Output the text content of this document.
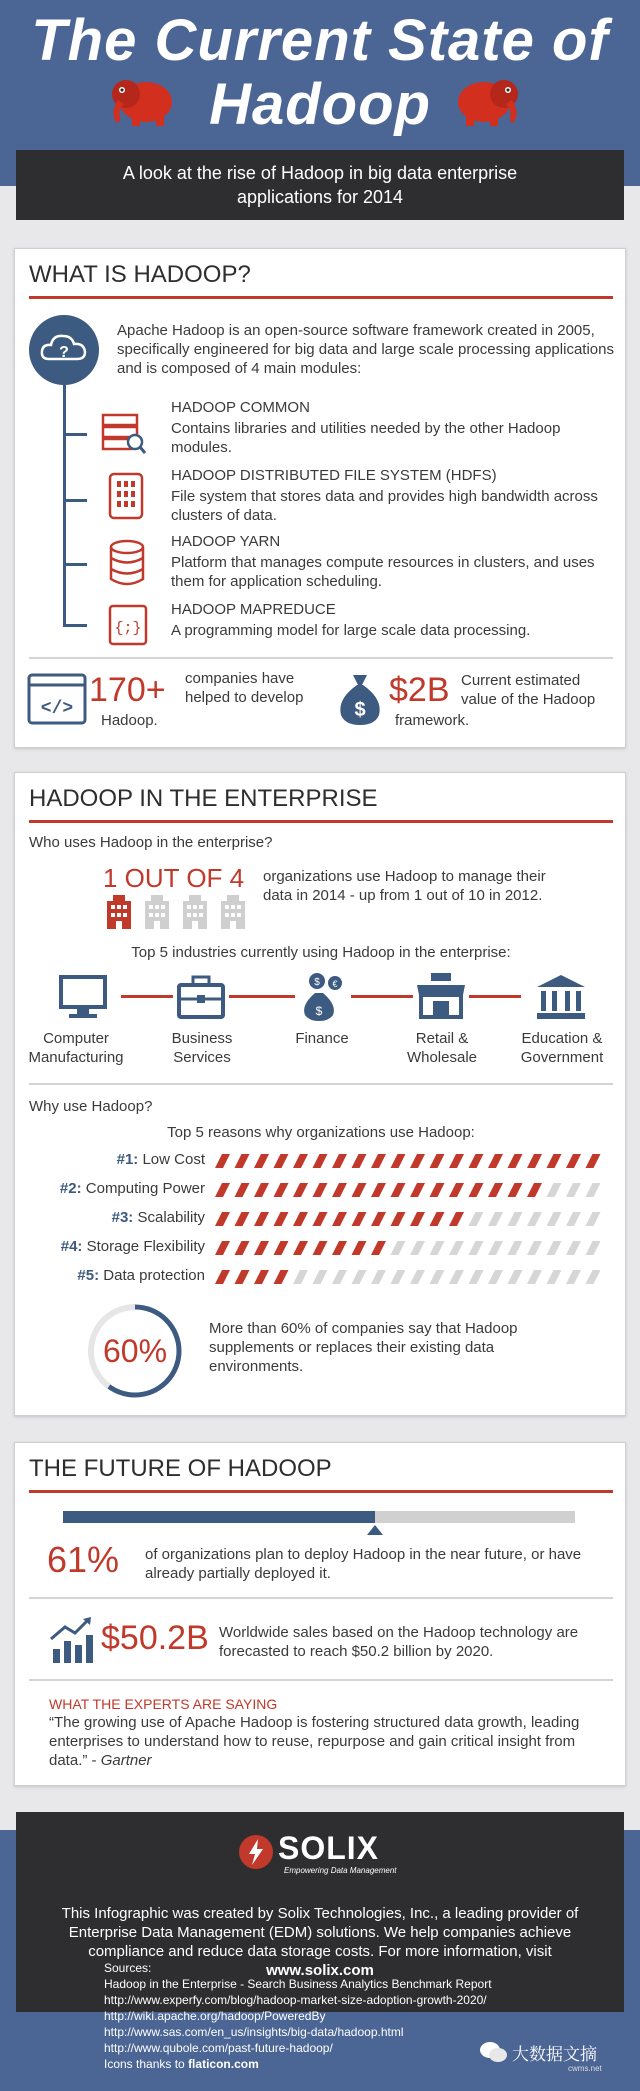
The Current State of
Hadoop
A look at the rise of Hadoop in big data enterprise
applications for 2014
WHAT IS HADOOP?
?
Apache Hadoop is an open-source software framework created in 2005, specifically engineered for big data and large scale processing applications and is composed of 4 main modules:
{;}
HADOOP COMMON
Contains libraries and utilities needed by the other Hadoop modules.
HADOOP DISTRIBUTED FILE SYSTEM (HDFS)
File system that stores data and provides high bandwidth across clusters of data.
HADOOP YARN
Platform that manages compute resources in clusters, and uses them for application scheduling.
HADOOP MAPREDUCE
A programming model for large scale data processing.
</> 170+ companies have
helped to develop
Hadoop.	$
$2B Current estimated
value of the Hadoop
framework.
HADOOP IN THE ENTERPRISE
Who uses Hadoop in the enterprise?
1 OUT OF 4 organizations use Hadoop to manage their data in 2014 - up from 1 out of 10 in 2012.
Top 5 industries currently using Hadoop in the enterprise:
$ €
$
Computer
Manufacturing
Business
Services
Finance	Retail &
Wholesale
Education &
Government
Why use Hadoop?
Top 5 reasons why organizations use Hadoop:
#1: Low Cost
#2: Computing Power
#3: Scalability
#4: Storage Flexibility
#5: Data protection
60%
More than 60% of companies say that Hadoop supplements or replaces their existing data environments.
THE FUTURE OF HADOOP
61% of organizations plan to deploy Hadoop in the near future, or have already partially deployed it.
$50.2B Worldwide sales based on the Hadoop technology are forecasted to reach $50.2 billion by 2020.
WHAT THE EXPERTS ARE SAYING
“The growing use of Apache Hadoop is fostering structured data growth, leading enterprises to understand how to reuse, repurpose and gain critical insight from data.” - Gartner
SOLIX
Empowering Data Management
This Infographic was created by Solix Technologies, Inc., a leading provider of Enterprise Data Management (EDM) solutions. We help companies achieve compliance and reduce data storage costs. For more information, visit www.solix.com
Sources:
Hadoop in the Enterprise - Search Business Analytics Benchmark Report
http://www.experfy.com/blog/hadoop-market-size-adoption-growth-2020/
http://wiki.apache.org/hadoop/PoweredBy
http://www.sas.com/en_us/insights/big-data/hadoop.html
http://www.qubole.com/past-future-hadoop/
Icons thanks to flaticon.com	大数据文摘
cwms.net
